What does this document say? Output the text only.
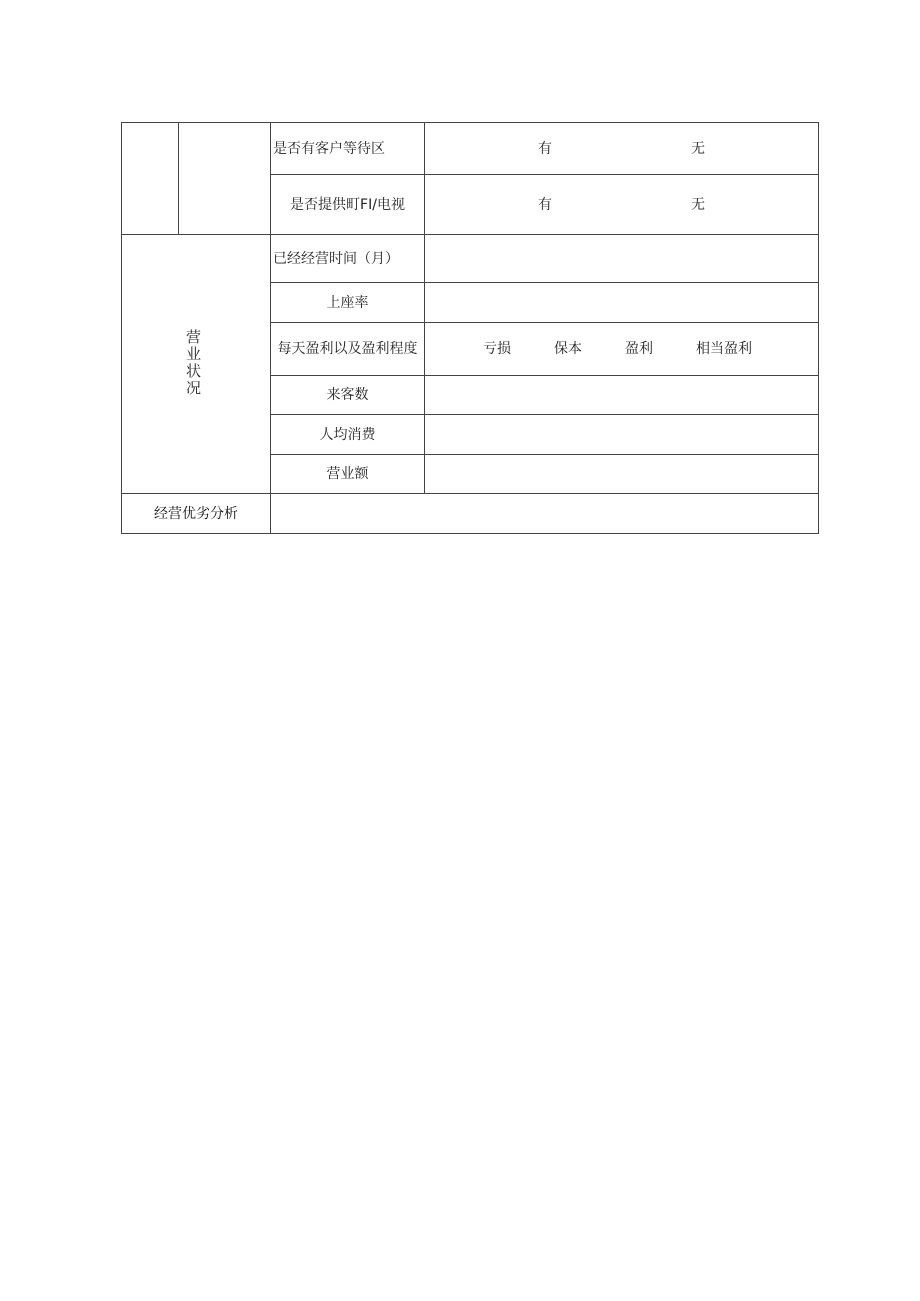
		是否有客户等待区	有 无

		是否提供町FI/电视	有 无

营业状况		已经经营时间（月）	
		上座率	
		每天盈利以及盈利程度	亏损 保本 盈利 相当盈利

		来客数	
		人均消费	
		营业额	
经营优劣分析			
